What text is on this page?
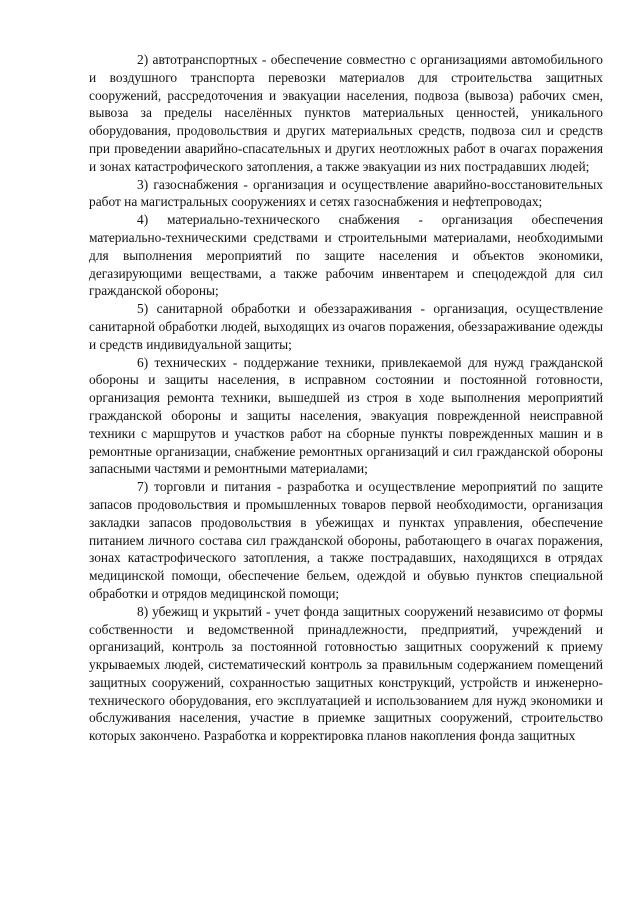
2) автотранспортных - обеспечение совместно с организациями автомобильного и воздушного транспорта перевозки материалов для строительства защитных сооружений, рассредоточения и эвакуации населения, подвоза (вывоза) рабочих смен, вывоза за пределы населённых пунктов материальных ценностей, уникального оборудования, продовольствия и других материальных средств, подвоза сил и средств при проведении аварийно-спасательных и других неотложных работ в очагах поражения и зонах катастрофического затопления, а также эвакуации из них пострадавших людей;

3) газоснабжения - организация и осуществление аварийно-восстановительных работ на магистральных сооружениях и сетях газоснабжения и нефтепроводах;

4) материально-технического снабжения - организация обеспечения материально-техническими средствами и строительными материалами, необходимыми для выполнения мероприятий по защите населения и объектов экономики, дегазирующими веществами, а также рабочим инвентарем и спецодеждой для сил гражданской обороны;

5) санитарной обработки и обеззараживания - организация, осуществление санитарной обработки людей, выходящих из очагов поражения, обеззараживание одежды и средств индивидуальной защиты;

6) технических - поддержание техники, привлекаемой для нужд гражданской обороны и защиты населения, в исправном состоянии и постоянной готовности, организация ремонта техники, вышедшей из строя в ходе выполнения мероприятий гражданской обороны и защиты населения, эвакуация поврежденной неисправной техники с маршрутов и участков работ на сборные пункты поврежденных машин и в ремонтные организации, снабжение ремонтных организаций и сил гражданской обороны запасными частями и ремонтными материалами;

7) торговли и питания - разработка и осуществление мероприятий по защите запасов продовольствия и промышленных товаров первой необходимости, организация закладки запасов продовольствия в убежищах и пунктах управления, обеспечение питанием личного состава сил гражданской обороны, работающего в очагах поражения, зонах катастрофического затопления, а также пострадавших, находящихся в отрядах медицинской помощи, обеспечение бельем, одеждой и обувью пунктов специальной обработки и отрядов медицинской помощи;

8) убежищ и укрытий - учет фонда защитных сооружений независимо от формы собственности и ведомственной принадлежности, предприятий, учреждений и организаций, контроль за постоянной готовностью защитных сооружений к приему укрываемых людей, систематический контроль за правильным содержанием помещений защитных сооружений, сохранностью защитных конструкций, устройств и инженерно-технического оборудования, его эксплуатацией и использованием для нужд экономики и обслуживания населения, участие в приемке защитных сооружений, строительство которых закончено. Разработка и корректировка планов накопления фонда защитных
